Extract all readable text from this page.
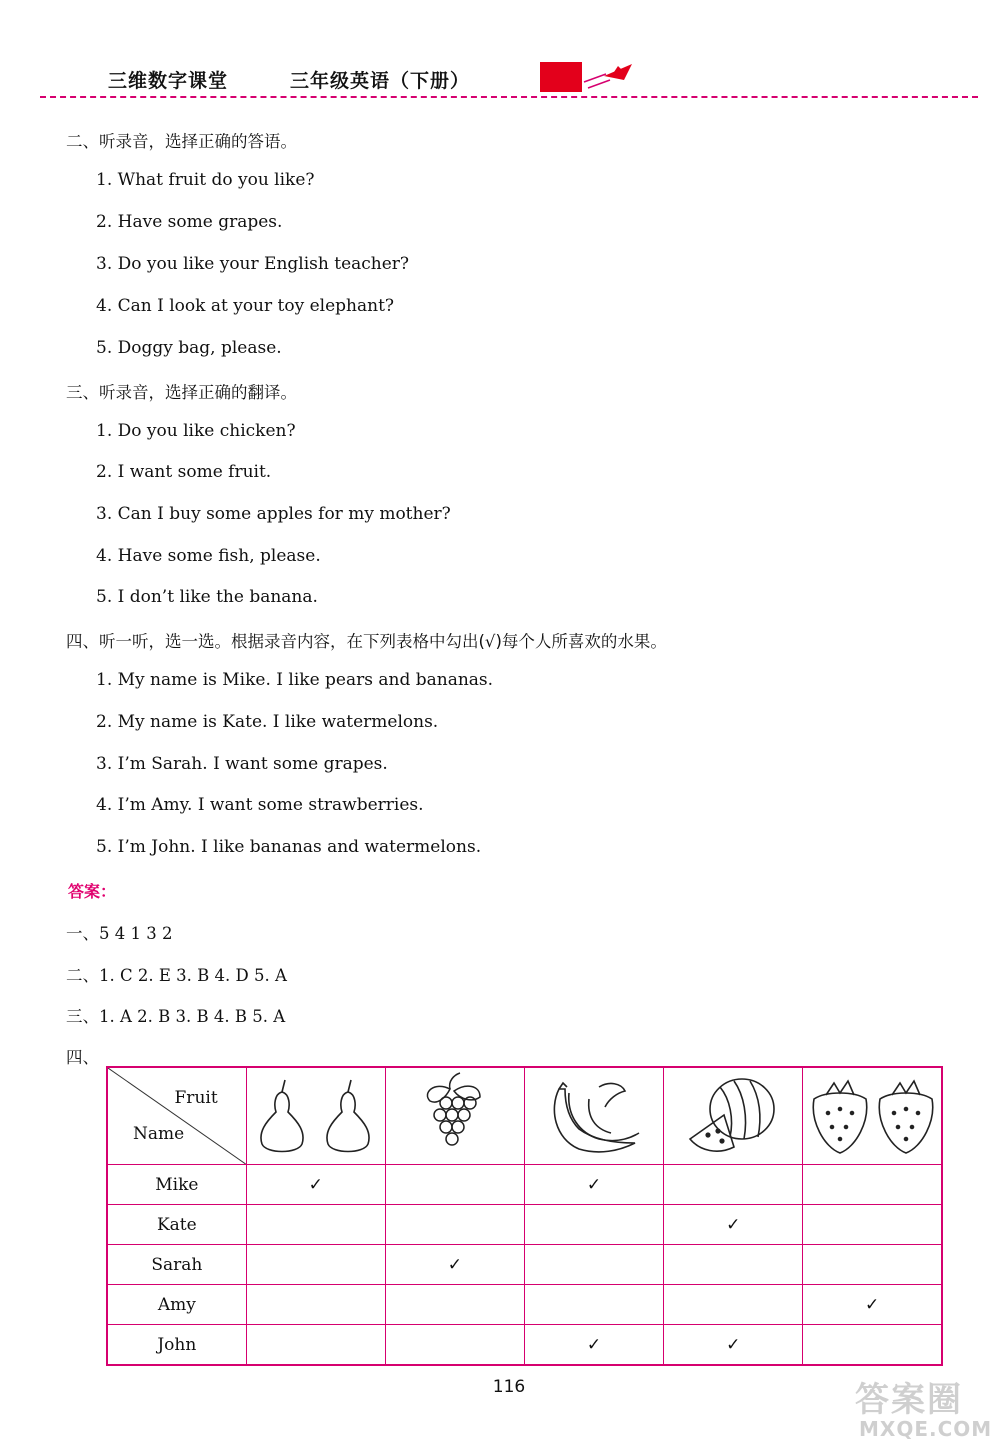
三维数字课堂	三年级英语（下册）
二、听录音，选择正确的答语。
1. What fruit do you like?
2. Have some grapes.
3. Do you like your English teacher?
4. Can I look at your toy elephant?
5. Doggy bag, please.
三、听录音，选择正确的翻译。
1. Do you like chicken?
2. I want some fruit.
3. Can I buy some apples for my mother?
4. Have some fish, please.
5. I don’t like the banana.
四、听一听，选一选。根据录音内容，在下列表格中勾出(√)每个人所喜欢的水果。
1. My name is Mike. I like pears and bananas.
2. My name is Kate. I like watermelons.
3. I’m Sarah. I want some grapes.
4. I’m Amy. I want some strawberries.
5. I’m John. I like bananas and watermelons.
答案：
一、5 4 1 3 2
二、1. C 2. E 3. B 4. D 5. A
三、1. A 2. B 3. B 4. B 5. A
四、
Fruit
Name

Mike	✓		✓		
Kate				✓	
Sarah		✓			
Amy					✓
John			✓	✓	
116	答案圈
MXQE.COM
